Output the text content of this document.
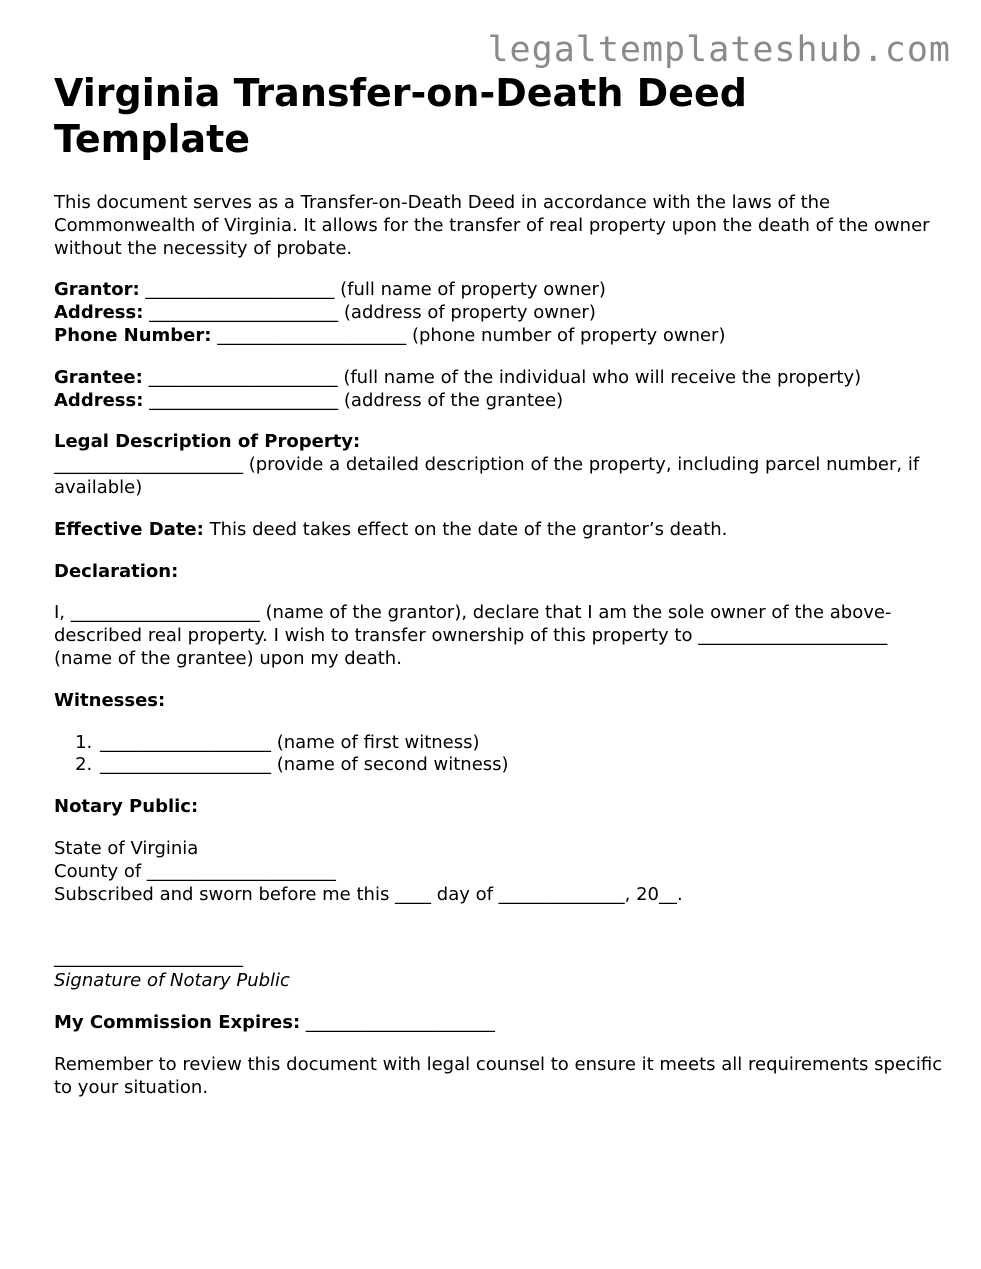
legaltemplateshub.com
Virginia Transfer-on-Death Deed Template

This document serves as a Transfer-on-Death Deed in accordance with the laws of the Commonwealth of Virginia. It allows for the transfer of real property upon the death of the owner without the necessity of probate.

Grantor: _____________________ (full name of property owner)
Address: _____________________ (address of property owner)
Phone Number: _____________________ (phone number of property owner)

Grantee: _____________________ (full name of the individual who will receive the property)
Address: _____________________ (address of the grantee)

Legal Description of Property:
_____________________ (provide a detailed description of the property, including parcel number, if available)

Effective Date: This deed takes effect on the date of the grantor’s death.

Declaration:

I, _____________________ (name of the grantor), declare that I am the sole owner of the above-described real property. I wish to transfer ownership of this property to _____________________ (name of the grantee) upon my death.

Witnesses:

1. ___________________ (name of first witness)
2. ___________________ (name of second witness)

Notary Public:

State of Virginia
County of _____________________
Subscribed and sworn before me this ____ day of ______________, 20__.

_____________________
Signature of Notary Public

My Commission Expires: _____________________

Remember to review this document with legal counsel to ensure it meets all requirements specific to your situation.
